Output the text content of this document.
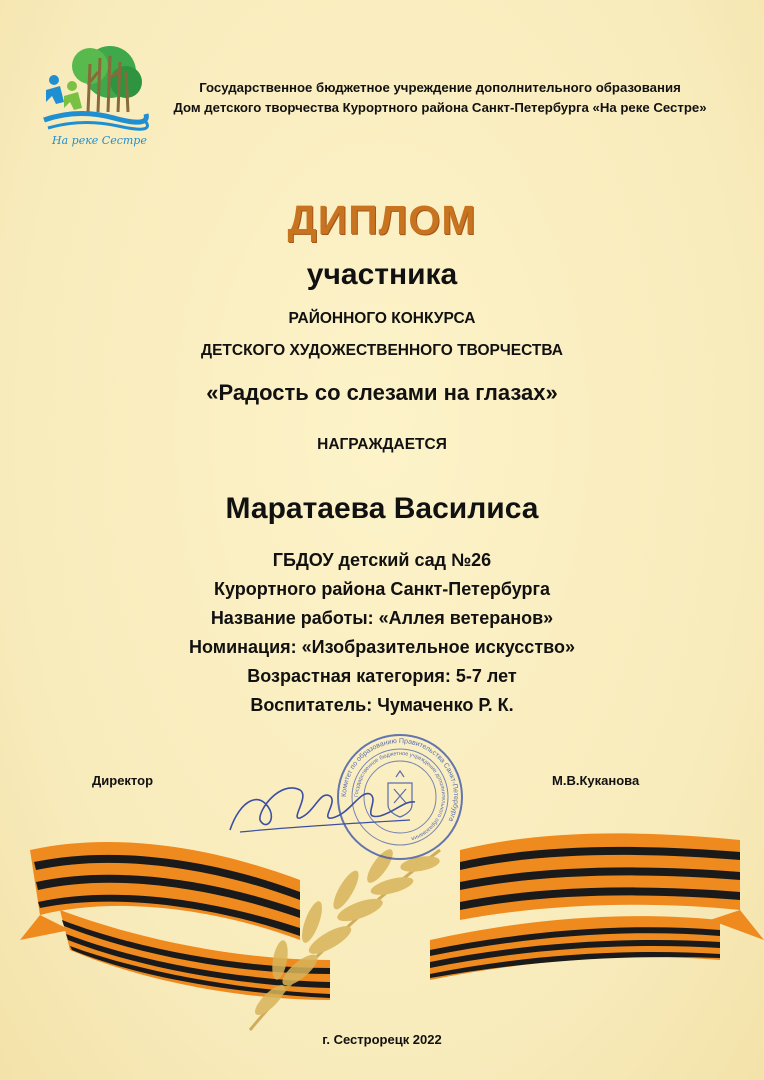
На реке Сестре
Государственное бюджетное учреждение дополнительного образования
Дом детского творчества Курортного района Санкт-Петербурга «На реке Сестре»
ДИПЛОМ
участника
РАЙОННОГО КОНКУРСА
ДЕТСКОГО ХУДОЖЕСТВЕННОГО ТВОРЧЕСТВА
«Радость со слезами на глазах»
НАГРАЖДАЕТСЯ
Маратаева Василиса
ГБДОУ детский сад №26
Курортного района Санкт-Петербурга
Название работы: «Аллея ветеранов»
Номинация: «Изобразительное искусство»
Возрастная категория: 5-7 лет
Воспитатель: Чумаченко Р. К.
Комитет по образованию Правительства Санкт-Петербурга
Государственное бюджетное учреждение дополнительного образования
Директор	М.В.Куканова
г. Сестрорецк 2022
